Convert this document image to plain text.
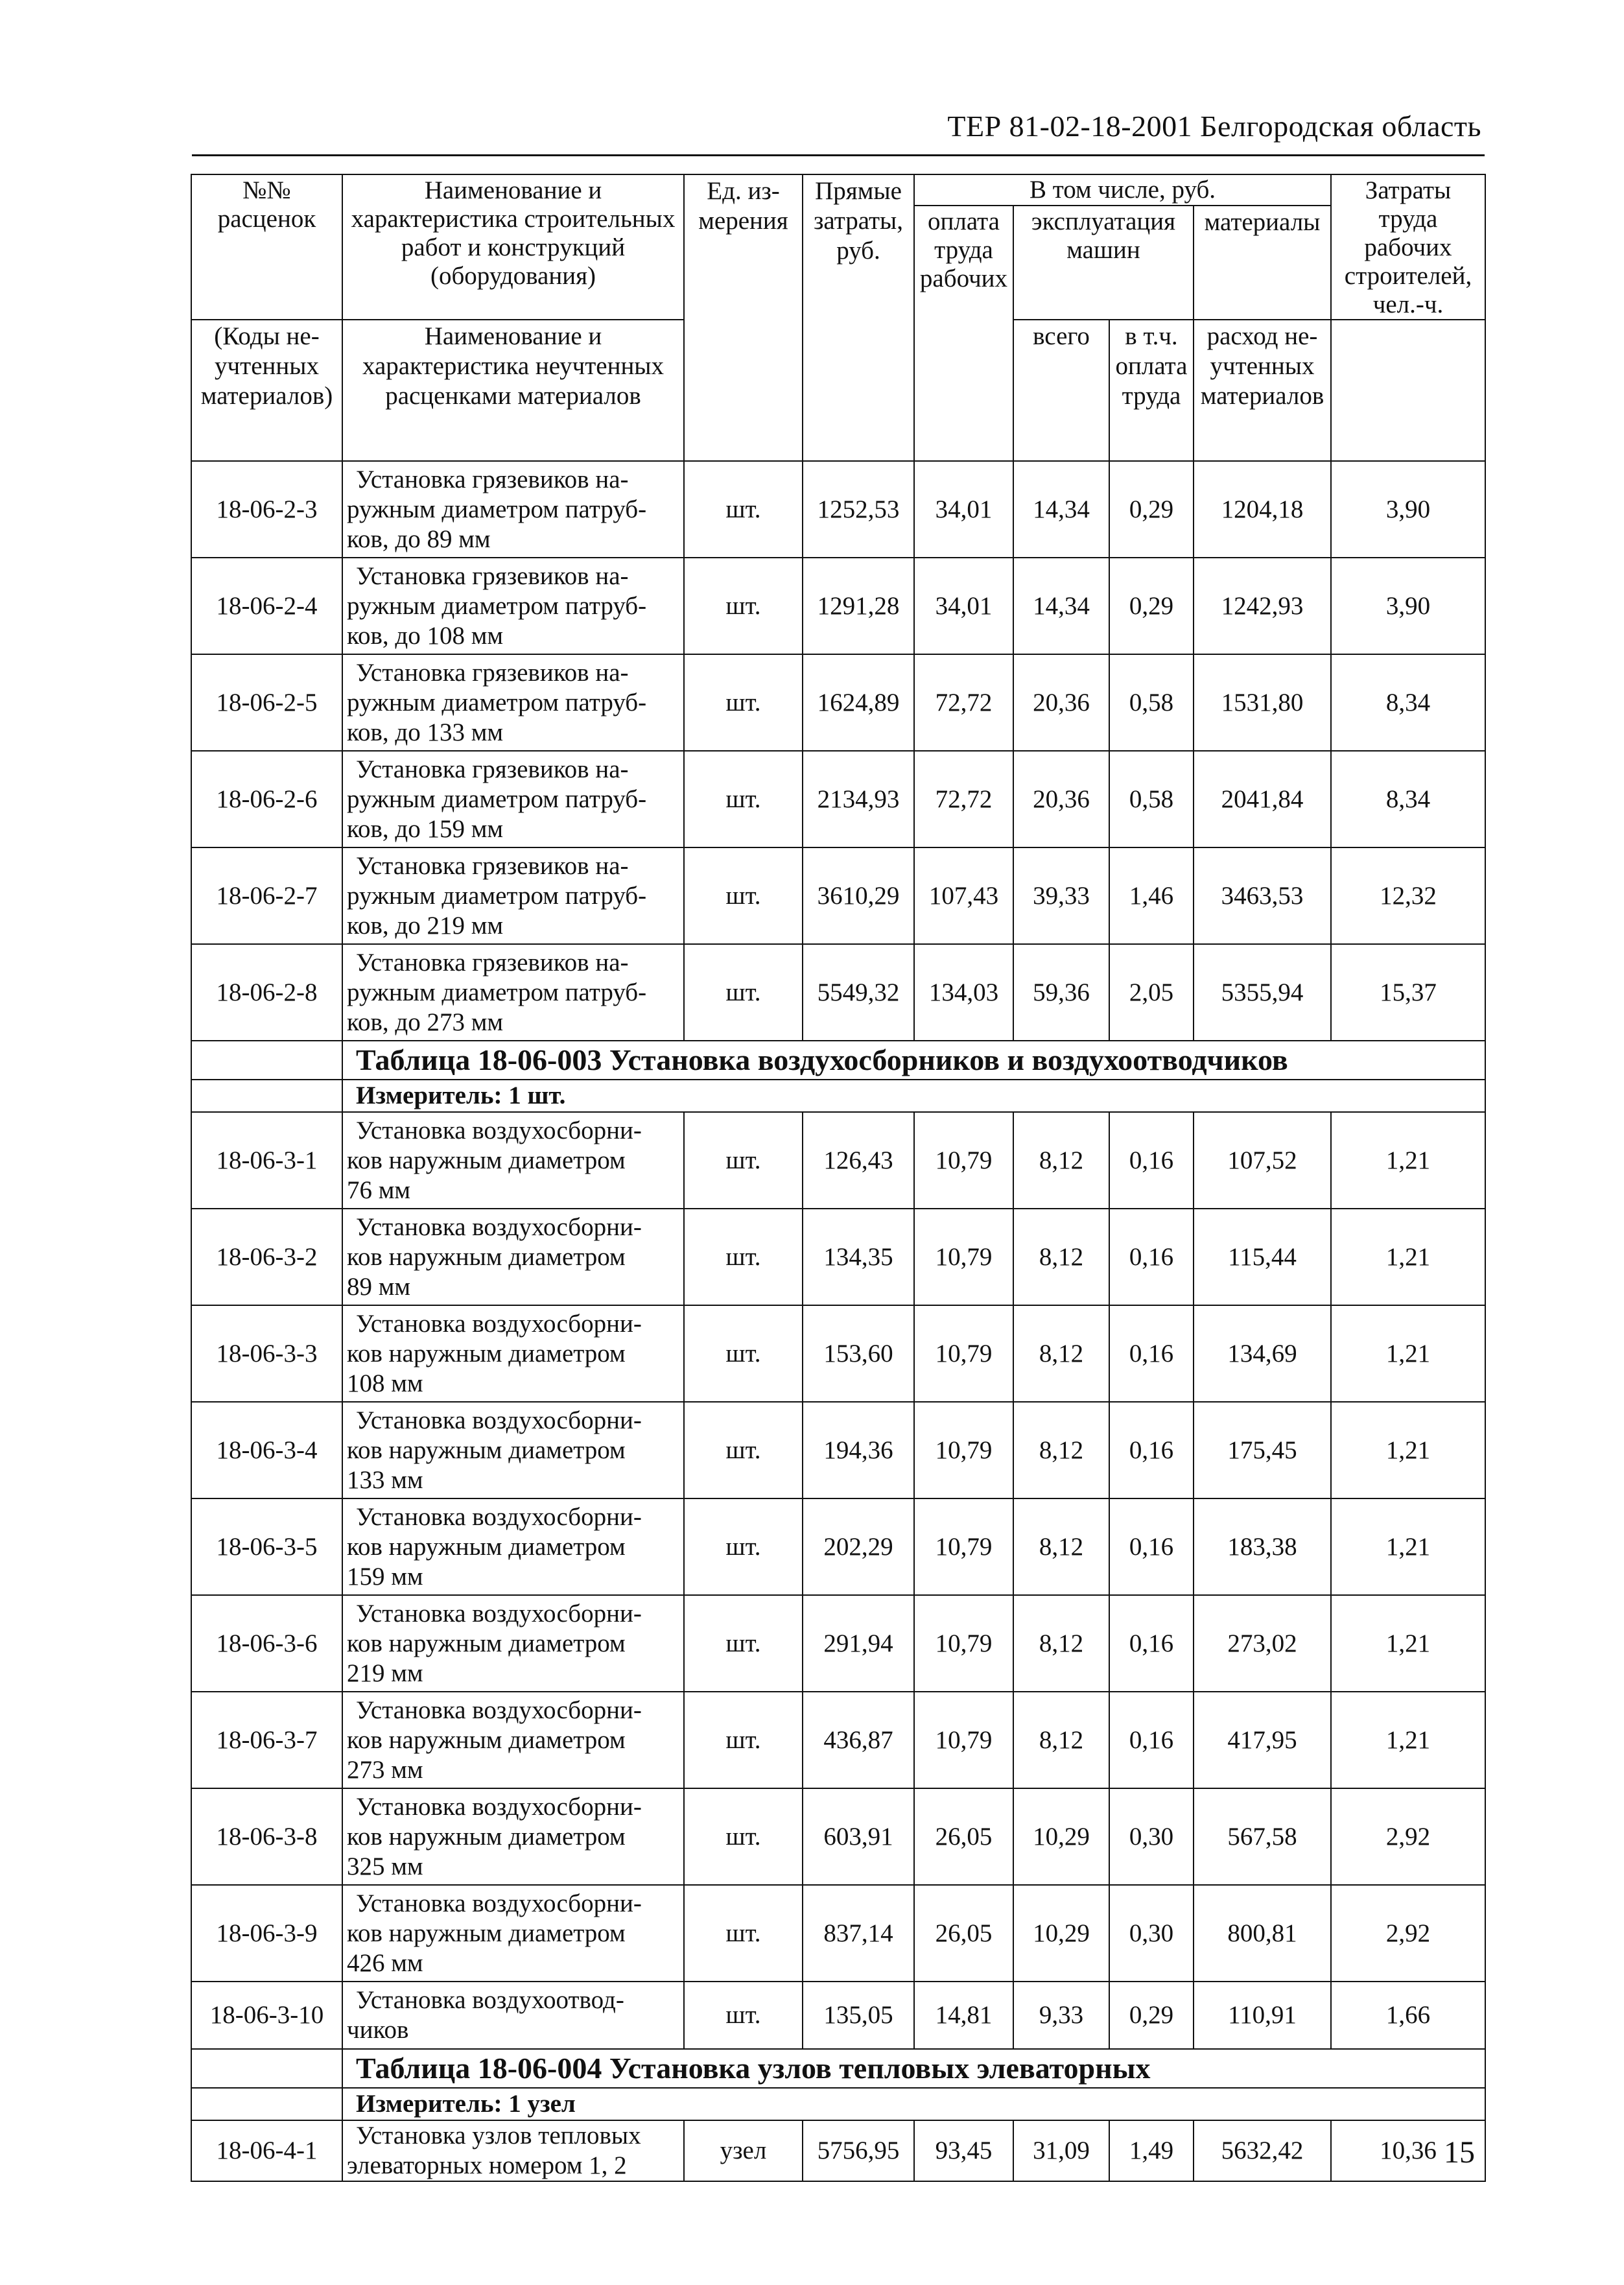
ТЕР 81-02-18-2001 Белгородская область
№№ расценок	Наименование и характеристика строительных работ и конструкций (оборудования)	Ед. из-мерения	Прямые затраты, руб.	В том числе, руб.				Затраты труда рабочих строителей, чел.-ч.
				оплата труда рабочих	эксплуатация машин		материалы	

(Коды не-учтенных материалов)	Наименование и характеристика неучтенных расценками материалов				всего	в т.ч. оплата труда	расход не-учтенных материалов	

18-06-2-3	Установка грязевиков на-
ружным диаметром патруб-
ков, до 89 мм	шт.	1252,53	34,01	14,34	0,29	1204,18	3,90
18-06-2-4	Установка грязевиков на-
ружным диаметром патруб-
ков, до 108 мм	шт.	1291,28	34,01	14,34	0,29	1242,93	3,90
18-06-2-5	Установка грязевиков на-
ружным диаметром патруб-
ков, до 133 мм	шт.	1624,89	72,72	20,36	0,58	1531,80	8,34
18-06-2-6	Установка грязевиков на-
ружным диаметром патруб-
ков, до 159 мм	шт.	2134,93	72,72	20,36	0,58	2041,84	8,34
18-06-2-7	Установка грязевиков на-
ружным диаметром патруб-
ков, до 219 мм	шт.	3610,29	107,43	39,33	1,46	3463,53	12,32
18-06-2-8	Установка грязевиков на-
ружным диаметром патруб-
ков, до 273 мм	шт.	5549,32	134,03	59,36	2,05	5355,94	15,37
	Таблица 18-06-003 Установка воздухосборников и воздухоотводчиков							
	Измеритель: 1 шт.							
18-06-3-1	Установка воздухосборни-
ков наружным диаметром
76 мм	шт.	126,43	10,79	8,12	0,16	107,52	1,21
18-06-3-2	Установка воздухосборни-
ков наружным диаметром
89 мм	шт.	134,35	10,79	8,12	0,16	115,44	1,21
18-06-3-3	Установка воздухосборни-
ков наружным диаметром
108 мм	шт.	153,60	10,79	8,12	0,16	134,69	1,21
18-06-3-4	Установка воздухосборни-
ков наружным диаметром
133 мм	шт.	194,36	10,79	8,12	0,16	175,45	1,21
18-06-3-5	Установка воздухосборни-
ков наружным диаметром
159 мм	шт.	202,29	10,79	8,12	0,16	183,38	1,21
18-06-3-6	Установка воздухосборни-
ков наружным диаметром
219 мм	шт.	291,94	10,79	8,12	0,16	273,02	1,21
18-06-3-7	Установка воздухосборни-
ков наружным диаметром
273 мм	шт.	436,87	10,79	8,12	0,16	417,95	1,21
18-06-3-8	Установка воздухосборни-
ков наружным диаметром
325 мм	шт.	603,91	26,05	10,29	0,30	567,58	2,92
18-06-3-9	Установка воздухосборни-
ков наружным диаметром
426 мм	шт.	837,14	26,05	10,29	0,30	800,81	2,92
18-06-3-10	Установка воздухоотвод-
чиков	шт.	135,05	14,81	9,33	0,29	110,91	1,66
	Таблица 18-06-004 Установка узлов тепловых элеваторных							
	Измеритель: 1 узел							
18-06-4-1	Установка узлов тепловых
элеваторных номером 1, 2	узел	5756,95	93,45	31,09	1,49	5632,42	10,36 15
